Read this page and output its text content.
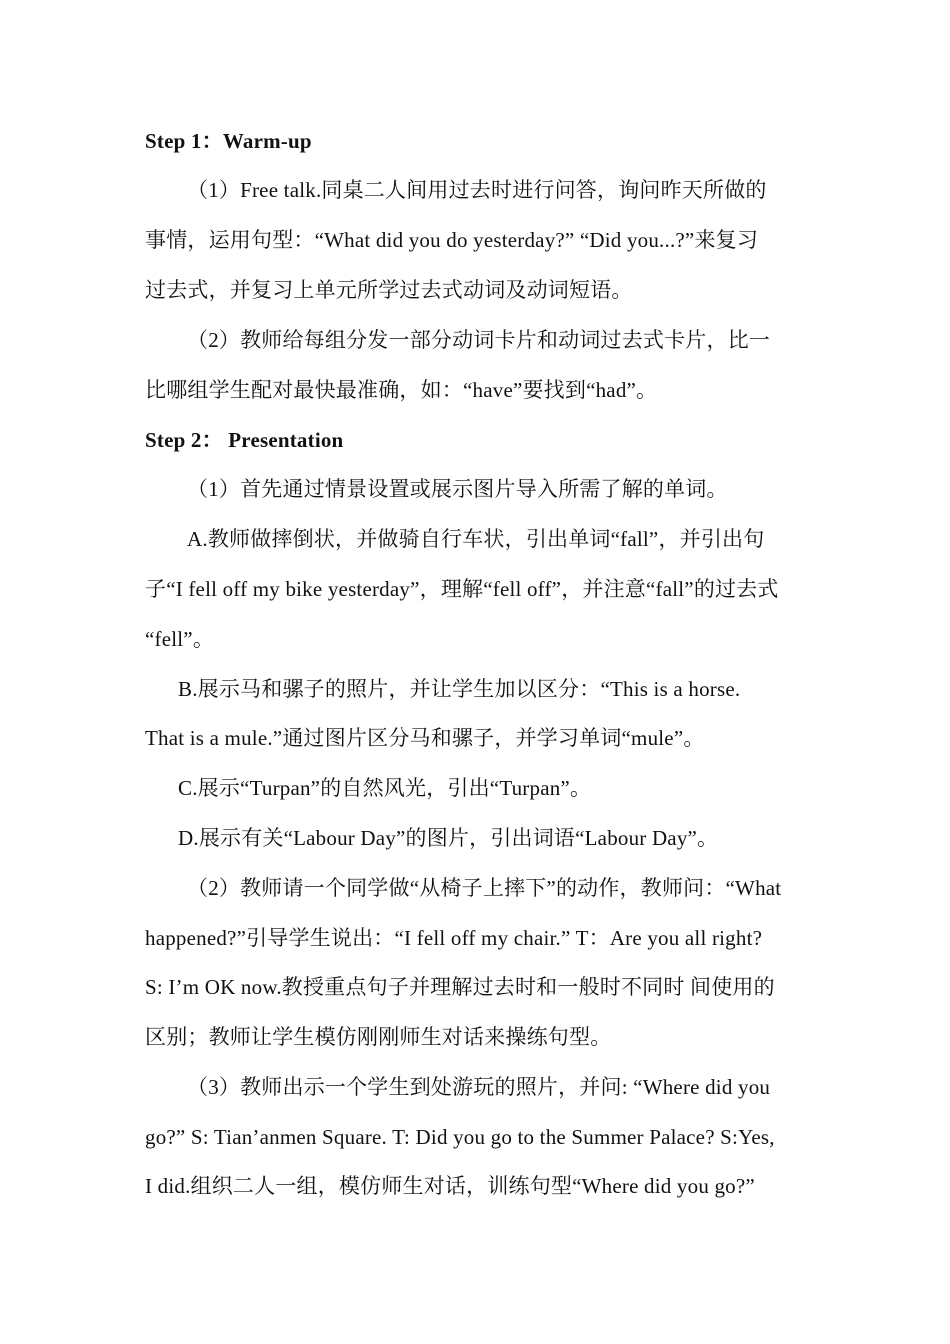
Step 1：Warm-up
（1）Free talk.同桌二人间用过去时进行问答，询问昨天所做的
事情，运用句型：“What did you do yesterday?” “Did you...?”来复习
过去式，并复习上单元所学过去式动词及动词短语。
（2）教师给每组分发一部分动词卡片和动词过去式卡片，比一
比哪组学生配对最快最准确，如：“have”要找到“had”。
Step 2： Presentation
（1）首先通过情景设置或展示图片导入所需了解的单词。
A.教师做摔倒状，并做骑自行车状，引出单词“fall”，并引出句
子“I fell off my bike yesterday”，理解“fell off”，并注意“fall”的过去式
“fell”。
B.展示马和骡子的照片，并让学生加以区分：“This is a horse.
That is a mule.”通过图片区分马和骡子，并学习单词“mule”。
C.展示“Turpan”的自然风光，引出“Turpan”。
D.展示有关“Labour Day”的图片，引出词语“Labour Day”。
（2）教师请一个同学做“从椅子上摔下”的动作，教师问：“What
happened?”引导学生说出：“I fell off my chair.” T：Are you all right?
S: I’m OK now.教授重点句子并理解过去时和一般时不同时 间使用的
区别；教师让学生模仿刚刚师生对话来操练句型。
（3）教师出示一个学生到处游玩的照片，并问: “Where did you
go?” S: Tian’anmen Square. T: Did you go to the Summer Palace? S:Yes,
I did.组织二人一组，模仿师生对话，训练句型“Where did you go?”
